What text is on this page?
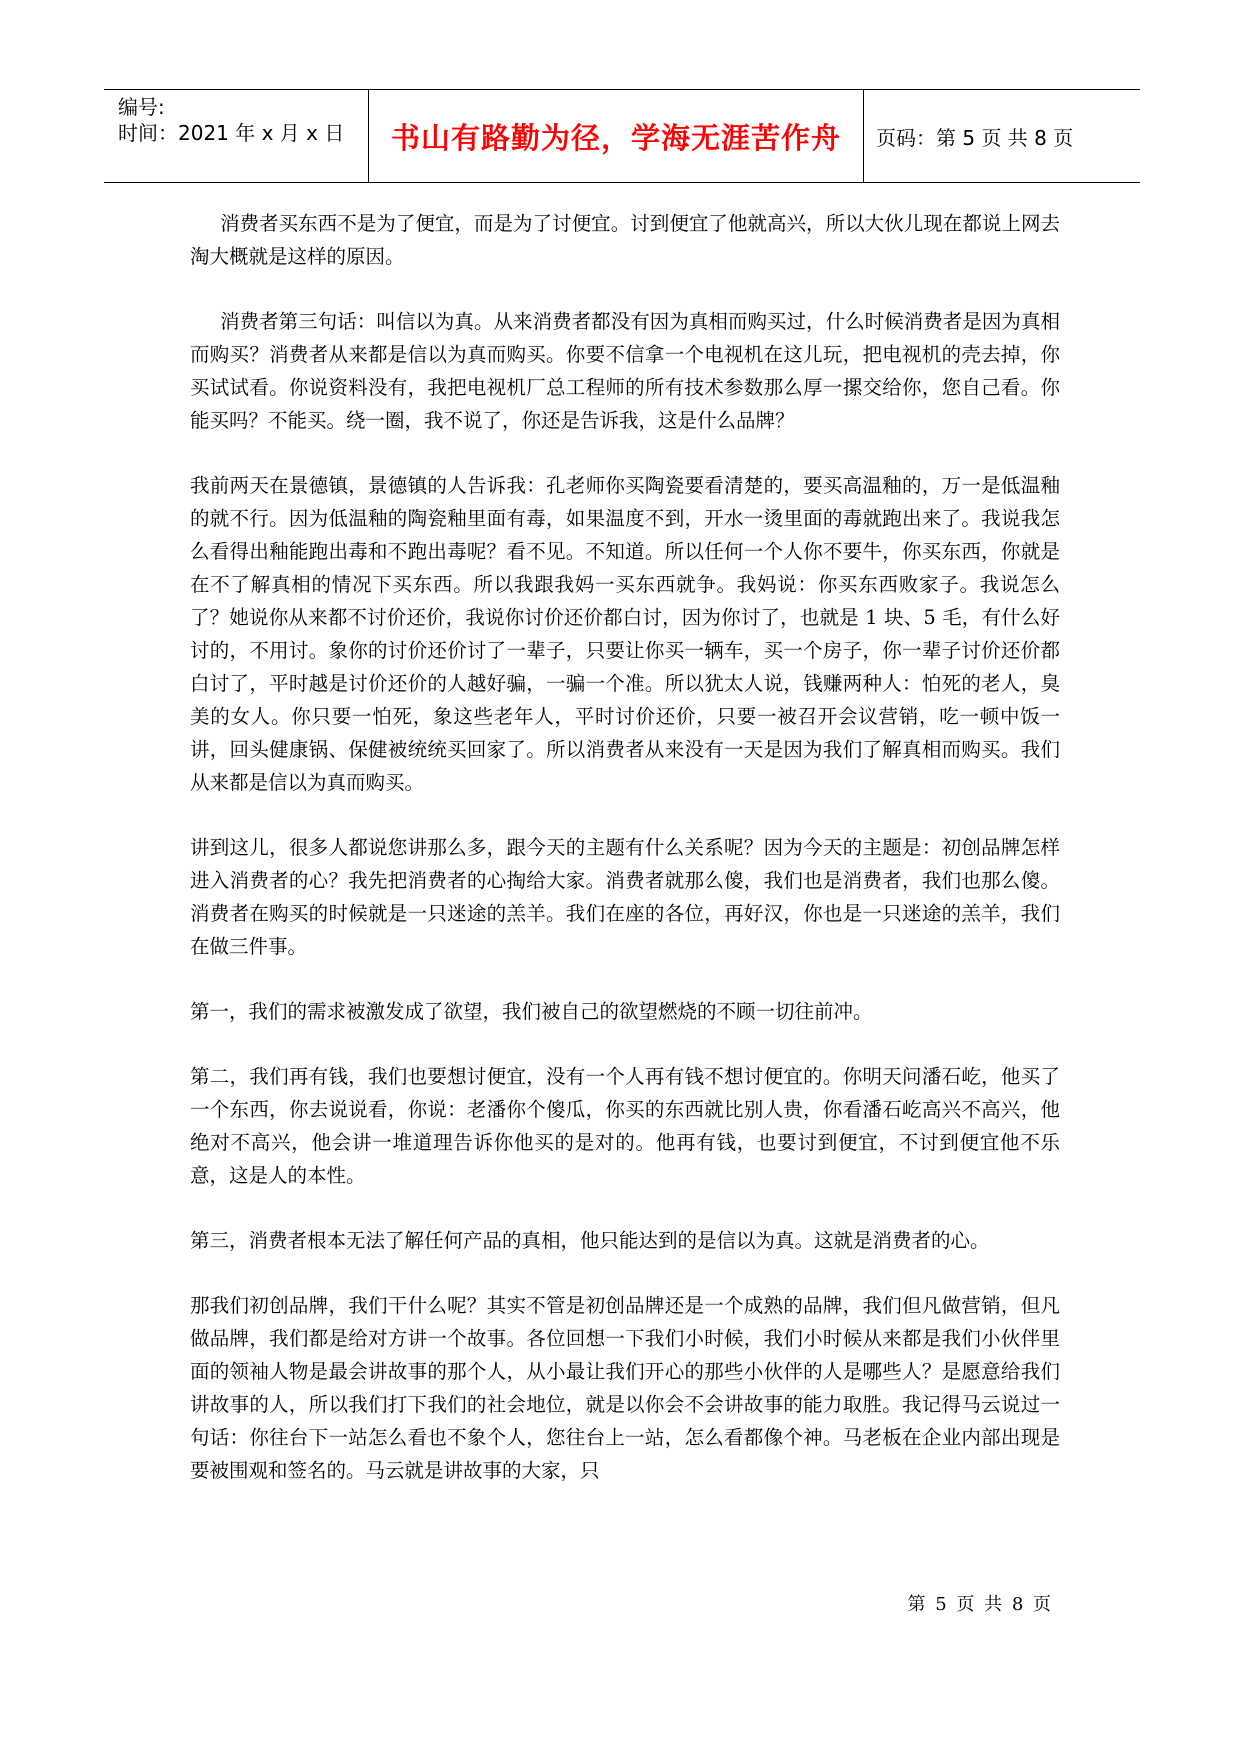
编号:
时间：2021 年 x 月 x 日	书山有路勤为径，学海无涯苦作舟 页码：第 5 页 共 8 页

消费者买东西不是为了便宜，而是为了讨便宜。讨到便宜了他就高兴，所以大伙儿现在都说上网去淘大概就是这样的原因。

消费者第三句话：叫信以为真。从来消费者都没有因为真相而购买过，什么时候消费者是因为真相而购买？消费者从来都是信以为真而购买。你要不信拿一个电视机在这儿玩，把电视机的壳去掉，你买试试看。你说资料没有，我把电视机厂总工程师的所有技术参数那么厚一摞交给你，您自己看。你能买吗？不能买。绕一圈，我不说了，你还是告诉我，这是什么品牌？

我前两天在景德镇，景德镇的人告诉我：孔老师你买陶瓷要看清楚的，要买高温釉的，万一是低温釉的就不行。因为低温釉的陶瓷釉里面有毒，如果温度不到，开水一烫里面的毒就跑出来了。我说我怎么看得出釉能跑出毒和不跑出毒呢？看不见。不知道。所以任何一个人你不要牛，你买东西，你就是在不了解真相的情况下买东西。所以我跟我妈一买东西就争。我妈说：你买东西败家子。我说怎么了？她说你从来都不讨价还价，我说你讨价还价都白讨，因为你讨了，也就是 1 块、5 毛，有什么好讨的，不用讨。象你的讨价还价讨了一辈子，只要让你买一辆车，买一个房子，你一辈子讨价还价都白讨了，平时越是讨价还价的人越好骗，一骗一个准。所以犹太人说，钱赚两种人：怕死的老人，臭美的女人。你只要一怕死，象这些老年人，平时讨价还价，只要一被召开会议营销，吃一顿中饭一讲，回头健康锅、保健被统统买回家了。所以消费者从来没有一天是因为我们了解真相而购买。我们从来都是信以为真而购买。

讲到这儿，很多人都说您讲那么多，跟今天的主题有什么关系呢？因为今天的主题是：初创品牌怎样进入消费者的心？我先把消费者的心掏给大家。消费者就那么傻，我们也是消费者，我们也那么傻。消费者在购买的时候就是一只迷途的羔羊。我们在座的各位，再好汉，你也是一只迷途的羔羊，我们在做三件事。

第一，我们的需求被激发成了欲望，我们被自己的欲望燃烧的不顾一切往前冲。

第二，我们再有钱，我们也要想讨便宜，没有一个人再有钱不想讨便宜的。你明天问潘石屹，他买了一个东西，你去说说看，你说：老潘你个傻瓜，你买的东西就比别人贵，你看潘石屹高兴不高兴，他绝对不高兴，他会讲一堆道理告诉你他买的是对的。他再有钱，也要讨到便宜，不讨到便宜他不乐意，这是人的本性。

第三，消费者根本无法了解任何产品的真相，他只能达到的是信以为真。这就是消费者的心。

那我们初创品牌，我们干什么呢？其实不管是初创品牌还是一个成熟的品牌，我们但凡做营销，但凡做品牌，我们都是给对方讲一个故事。各位回想一下我们小时候，我们小时候从来都是我们小伙伴里面的领袖人物是最会讲故事的那个人，从小最让我们开心的那些小伙伴的人是哪些人？是愿意给我们讲故事的人，所以我们打下我们的社会地位，就是以你会不会讲故事的能力取胜。我记得马云说过一句话：你往台下一站怎么看也不象个人，您往台上一站，怎么看都像个神。马老板在企业内部出现是要被围观和签名的。马云就是讲故事的大家，只

第 5 页 共 8 页
